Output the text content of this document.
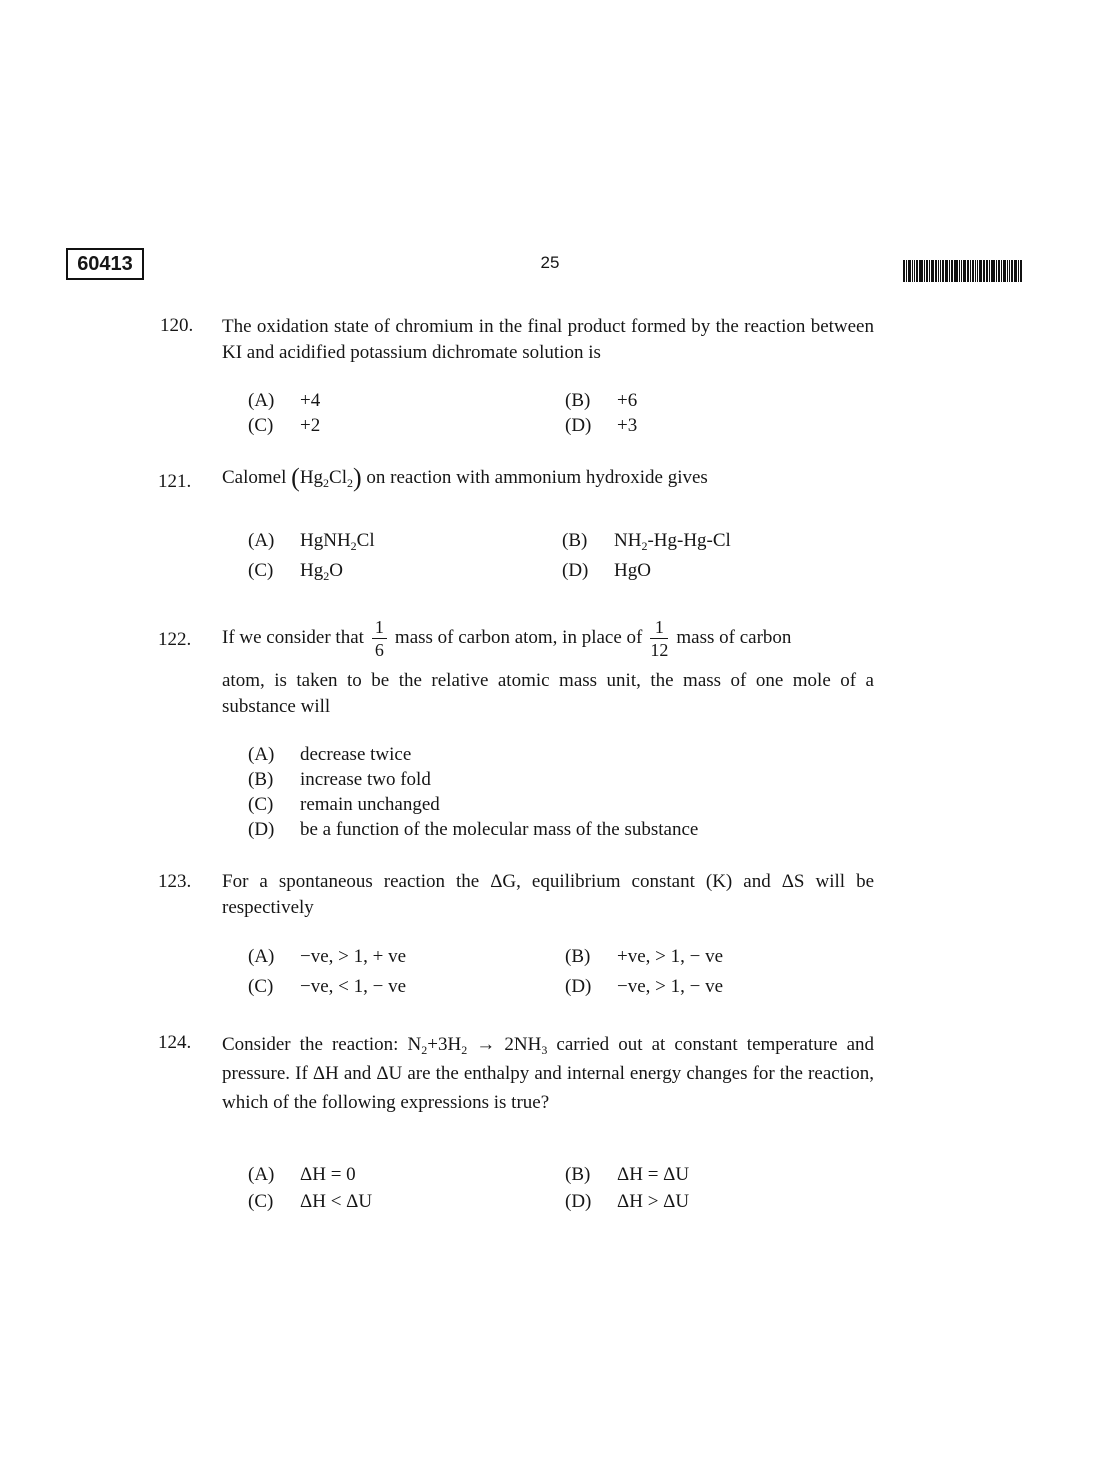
60413	25
120. The oxidation state of chromium in the final product formed by the reaction between KI and acidified potassium dichromate solution is
(A) +4	(B) +6
(C) +2	(D) +3
121. Calomel $(Hg_2Cl_2)$ on reaction with ammonium hydroxide gives
(A) HgNH$_2$Cl	(B) $NH_2-Hg-Hg-Cl$
(C) $Hg_2O$	(D) HgO
122. If we consider that $\frac{1}{6}$ mass of carbon atom, in place of $\frac{1}{12}$ mass of carbon
atom, is taken to be the relative atomic mass unit, the mass of one mole of a substance will
(A) decrease twice
(B) increase two fold
(C) remain unchanged
(D) be a function of the molecular mass of the substance
123. For a spontaneous reaction the ΔG, equilibrium constant (K) and ΔS will be respectively
(A) −ve, > 1, + ve	(B) +ve, > 1, − ve
(C) −ve, < 1, − ve	(D) −ve, > 1, − ve
124. Consider the reaction: $N_2+3H_2 \to 2NH_3$ carried out at constant temperature and pressure. If ΔH and ΔU are the enthalpy and internal energy changes for the reaction, which of the following expressions is true?
(A) ΔH = 0	(B) ΔH = ΔU
(C) ΔH < ΔU	(D) ΔH > ΔU
